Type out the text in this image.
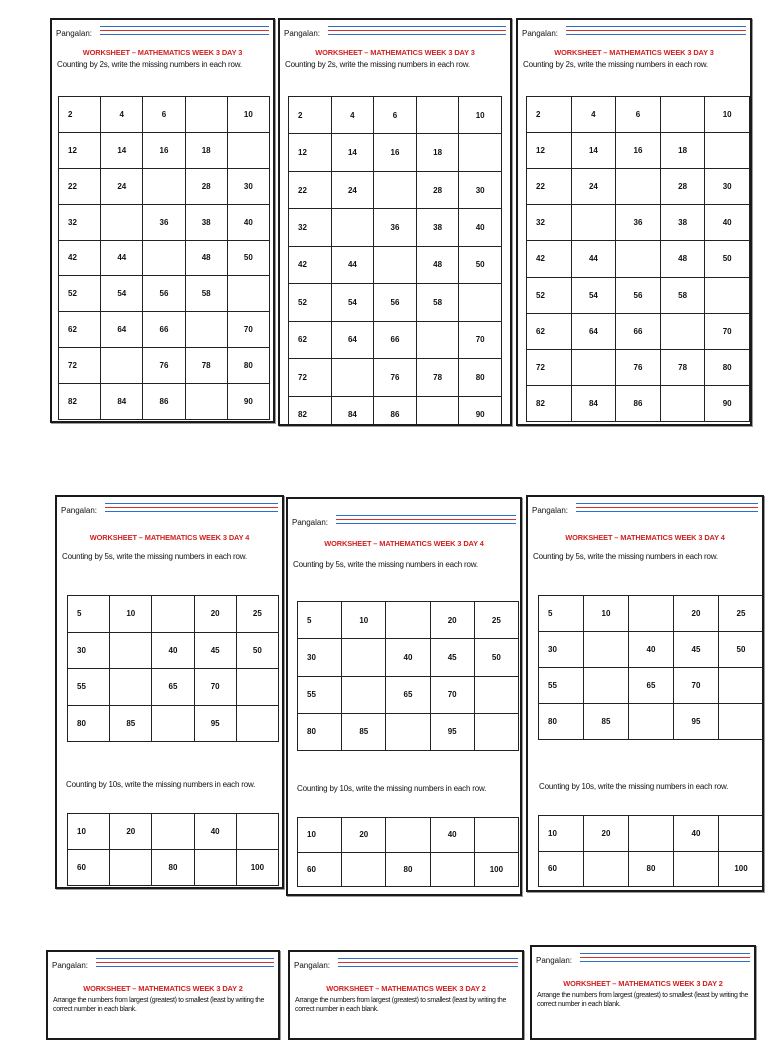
Pangalan:
WORKSHEET – MATHEMATICS WEEK 3 DAY 3
Counting by 2s, write the missing numbers in each row.
2	4	6		10
12	14	16	18	
22	24		28	30
32		36	38	40
42	44		48	50
52	54	56	58	
62	64	66		70
72		76	78	80
82	84	86		90
Pangalan:
WORKSHEET – MATHEMATICS WEEK 3 DAY 3
Counting by 2s, write the missing numbers in each row.
2	4	6		10
12	14	16	18	
22	24		28	30
32		36	38	40
42	44		48	50
52	54	56	58	
62	64	66		70
72		76	78	80
82	84	86		90
Pangalan:
WORKSHEET – MATHEMATICS WEEK 3 DAY 3
Counting by 2s, write the missing numbers in each row.
2	4	6		10
12	14	16	18	
22	24		28	30
32		36	38	40
42	44		48	50
52	54	56	58	
62	64	66		70
72		76	78	80
82	84	86		90
Pangalan:
WORKSHEET – MATHEMATICS WEEK 3 DAY 4
Counting by 5s, write the missing numbers in each row.
5	10		20	25
30		40	45	50
55		65	70	
80	85		95	
Counting by 10s, write the missing numbers in each row.
10	20		40	
60		80		100
Pangalan:
WORKSHEET – MATHEMATICS WEEK 3 DAY 4
Counting by 5s, write the missing numbers in each row.
5	10		20	25
30		40	45	50
55		65	70	
80	85		95	
Counting by 10s, write the missing numbers in each row.
10	20		40	
60		80		100
Pangalan:
WORKSHEET – MATHEMATICS WEEK 3 DAY 4
Counting by 5s, write the missing numbers in each row.
5	10		20	25
30		40	45	50
55		65	70	
80	85		95	
Counting by 10s, write the missing numbers in each row.
10	20		40	
60		80		100
Pangalan:
WORKSHEET – MATHEMATICS WEEK 3 DAY 2
Arrange the numbers from largest (greatest) to smallest (least by writing the correct number in each blank.
Pangalan:
WORKSHEET – MATHEMATICS WEEK 3 DAY 2
Arrange the numbers from largest (greatest) to smallest (least by writing the correct number in each blank.
Pangalan:
WORKSHEET – MATHEMATICS WEEK 3 DAY 2
Arrange the numbers from largest (greatest) to smallest (least by writing the correct number in each blank.
